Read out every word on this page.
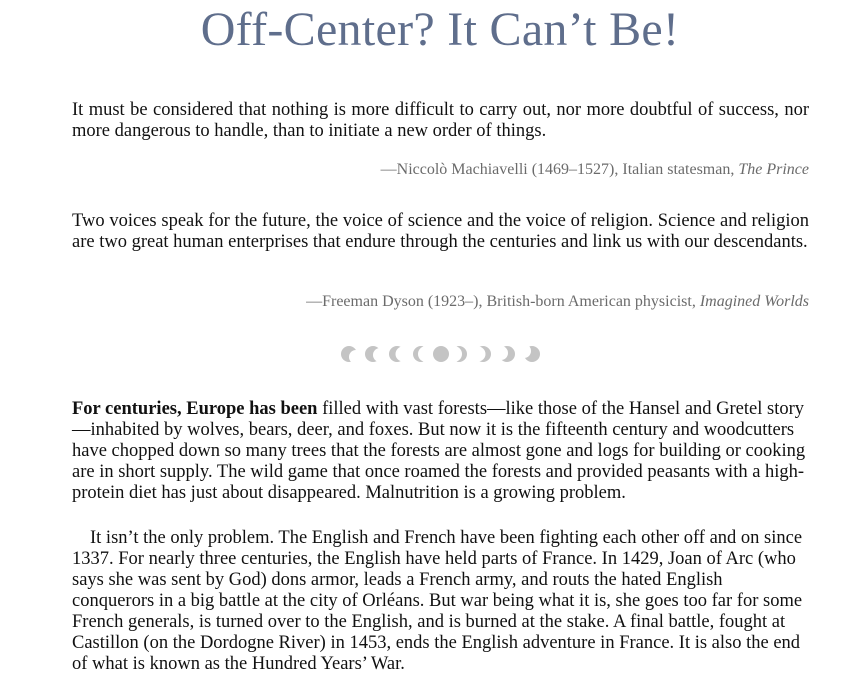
Off-Center? It Can’t Be!

It must be considered that nothing is more difficult to carry out, nor more doubtful of success, nor more dangerous to handle, than to initiate a new order of things.

—Niccolò Machiavelli (1469–1527), Italian statesman, The Prince

Two voices speak for the future, the voice of science and the voice of religion. Science and religion are two great human enterprises that endure through the centuries and link us with our descendants.

—Freeman Dyson (1923–), British-born American physicist, Imagined Worlds

For centuries, Europe has been filled with vast forests—like those of the Hansel and Gretel story—inhabited by wolves, bears, deer, and foxes. But now it is the fifteenth century and woodcutters have chopped down so many trees that the forests are almost gone and logs for building or cooking are in short supply. The wild game that once roamed the forests and provided peasants with a high-protein diet has just about disappeared. Malnutrition is a growing problem.

It isn’t the only problem. The English and French have been fighting each other off and on since 1337. For nearly three centuries, the English have held parts of France. In 1429, Joan of Arc (who says she was sent by God) dons armor, leads a French army, and routs the hated English conquerors in a big battle at the city of Orléans. But war being what it is, she goes too far for some French generals, is turned over to the English, and is burned at the stake. A final battle, fought at Castillon (on the Dordogne River) in 1453, ends the English adventure in France. It is also the end of what is known as the Hundred Years’ War.
